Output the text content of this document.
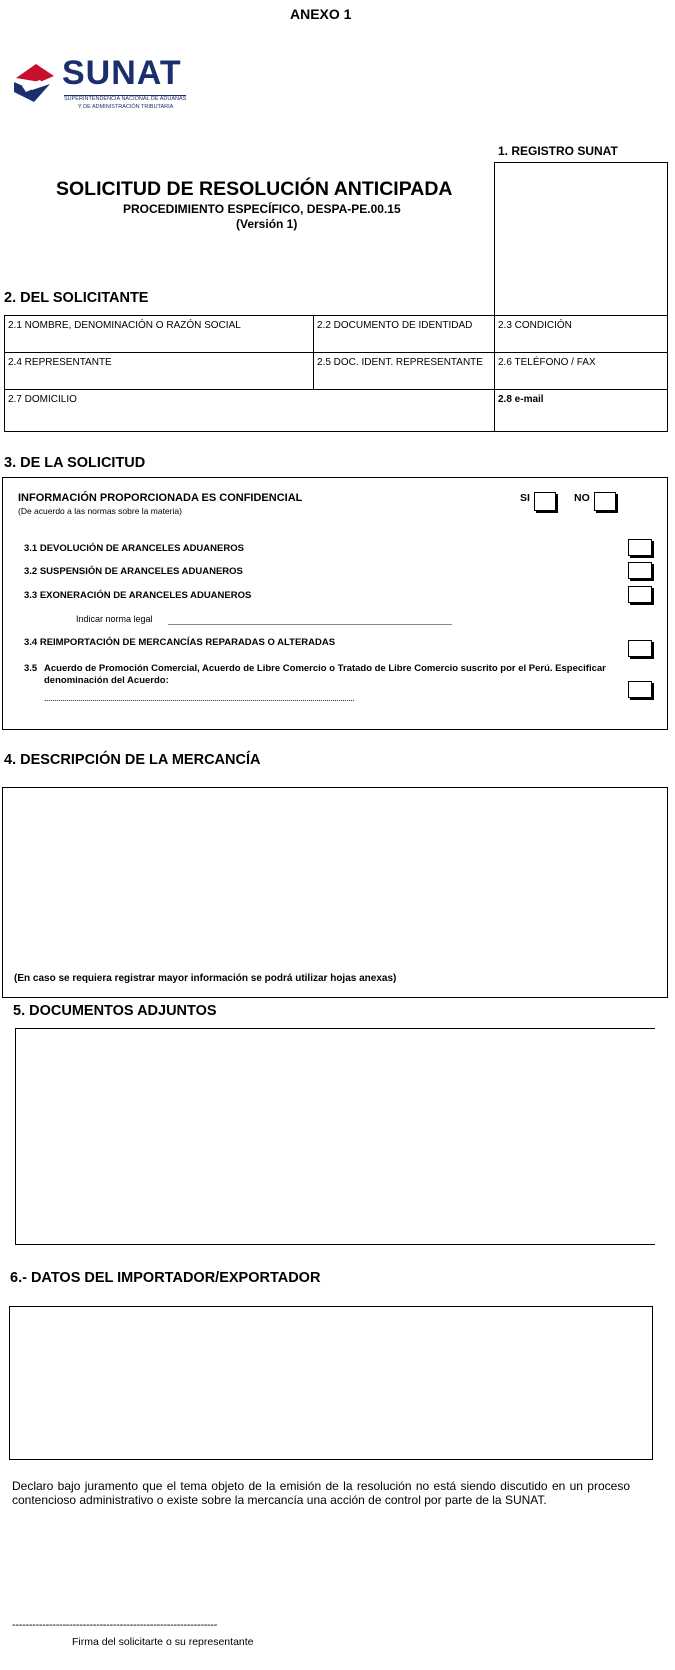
ANEXO 1
SUNAT
SUPERINTENDENCIA NACIONAL DE ADUANAS
Y DE ADMINISTRACIÓN TRIBUTARIA
1. REGISTRO SUNAT
SOLICITUD DE RESOLUCIÓN ANTICIPADA
PROCEDIMIENTO ESPECÍFICO, DESPA-PE.00.15
(Versión 1)
2. DEL SOLICITANTE
2.1 NOMBRE, DENOMINACIÓN O RAZÓN SOCIAL	2.2 DOCUMENTO DE IDENTIDAD	2.3 CONDICIÓN
2.4 REPRESENTANTE	2.5 DOC. IDENT. REPRESENTANTE	2.6 TELÉFONO / FAX
2.7 DOMICILIO	2.8 e-mail
3. DE LA SOLICITUD
INFORMACIÓN PROPORCIONADA ES CONFIDENCIAL
(De acuerdo a las normas sobre la materia)
SI	NO
3.1 DEVOLUCIÓN DE ARANCELES ADUANEROS
3.2 SUSPENSIÓN DE ARANCELES ADUANEROS
3.3 EXONERACIÓN DE ARANCELES ADUANEROS
Indicar norma legal
3.4 REIMPORTACIÓN DE MERCANCÍAS REPARADAS O ALTERADAS
3.5 Acuerdo de Promoción Comercial, Acuerdo de Libre Comercio o Tratado de Libre Comercio suscrito por el Perú. Especificar
denominación del Acuerdo:
...........................................................................................................................................................
4. DESCRIPCIÓN DE LA MERCANCÍA
(En caso se requiera registrar mayor información se podrá utilizar hojas anexas)
5. DOCUMENTOS ADJUNTOS
6.- DATOS DEL IMPORTADOR/EXPORTADOR
Declaro bajo juramento que el tema objeto de la emisión de la resolución no está siendo discutido en un proceso contencioso administrativo o existe sobre la mercancía una acción de control por parte de la SUNAT.
-------------------------------------------------------------
Firma del solicitarte o su representante
